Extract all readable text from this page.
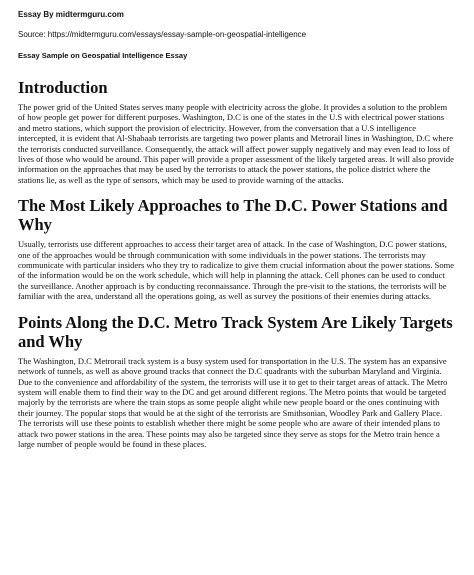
Essay By midtermguru.com
Source: https://midtermguru.com/essays/essay-sample-on-geospatial-intelligence
Essay Sample on Geospatial Intelligence Essay
Introduction

The power grid of the United States serves many people with electricity across the globe. It provides a solution to the problem of how people get power for different purposes. Washington, D.C is one of the states in the U.S with electrical power stations and metro stations, which support the provision of electricity. However, from the conversation that a U.S intelligence intercepted, it is evident that Al-Shabaab terrorists are targeting two power plants and Metrorail lines in Washington, D.C where the terrorists conducted surveillance. Consequently, the attack will affect power supply negatively and may even lead to loss of lives of those who would be around. This paper will provide a proper assessment of the likely targeted areas. It will also provide information on the approaches that may be used by the terrorists to attack the power stations, the police district where the stations lie, as well as the type of sensors, which may be used to provide warning of the attacks.

The Most Likely Approaches to The D.C. Power Stations and Why

Usually, terrorists use different approaches to access their target area of attack. In the case of Washington, D.C power stations, one of the approaches would be through communication with some individuals in the power stations. The terrorists may communicate with particular insiders who they try to radicalize to give them crucial information about the power stations. Some of the information would be on the work schedule, which will help in planning the attack. Cell phones can be used to conduct the surveillance. Another approach is by conducting reconnaissance. Through the pre-visit to the stations, the terrorists will be familiar with the area, understand all the operations going, as well as survey the positions of their enemies during attacks.

Points Along the D.C. Metro Track System Are Likely Targets and Why

The Washington, D.C Metrorail track system is a busy system used for transportation in the U.S. The system has an expansive network of tunnels, as well as above ground tracks that connect the D.C quadrants with the suburban Maryland and Virginia. Due to the convenience and affordability of the system, the terrorists will use it to get to their target areas of attack. The Metro system will enable them to find their way to the DC and get around different regions. The Metro points that would be targeted majorly by the terrorists are where the train stops as some people alight while new people board or the ones continuing with their journey. The popular stops that would be at the sight of the terrorists are Smithsonian, Woodley Park and Gallery Place. The terrorists will use these points to establish whether there might be some people who are aware of their intended plans to attack two power stations in the area. These points may also be targeted since they serve as stops for the Metro train hence a large number of people would be found in these places.
